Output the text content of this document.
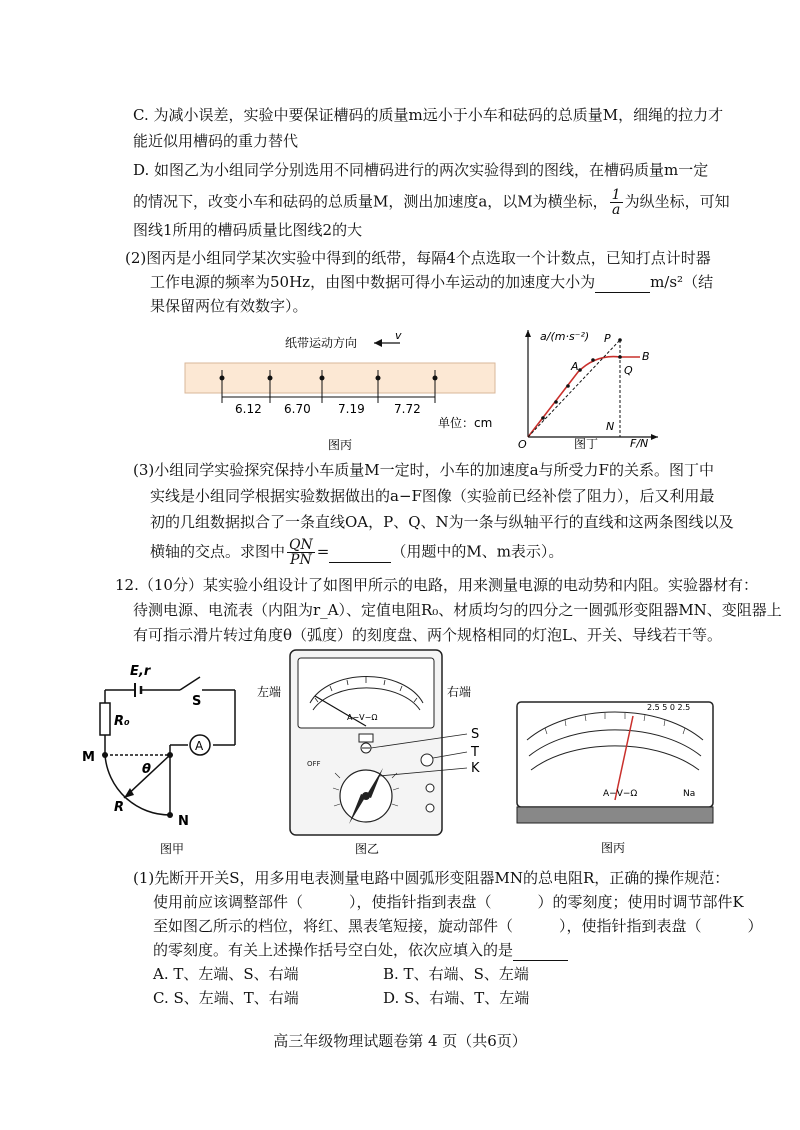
C. 为减小误差，实验中要保证槽码的质量m远小于小车和砝码的总质量M，细绳的拉力才
能近似用槽码的重力替代
D. 如图乙为小组同学分别选用不同槽码进行的两次实验得到的图线，在槽码质量m一定
的情况下，改变小车和砝码的总质量M，测出加速度a，以M为横坐标， $\frac{1}{a}$ 为纵坐标，可知
图线1所用的槽码质量比图线2的大
(2)图丙是小组同学某次实验中得到的纸带，每隔4个点选取一个计数点，已知打点计时器
工作电源的频率为50Hz，由图中数据可得小车运动的加速度大小为	m/s²（结
果保留两位有效数字）。
纸带运动方向
v
6.12 6.70 7.19 7.72
单位：cm
图丙
a/(m·s⁻²)
F/N
O
P
B
A	Q
N
图丁
(3)小组同学实验探究保持小车质量M一定时，小车的加速度a与所受力F的关系。图丁中
实线是小组同学根据实验数据做出的a−F图像（实验前已经补偿了阻力），后又利用最
初的几组数据拟合了一条直线OA，P、Q、N为一条与纵轴平行的直线和这两条图线以及
横轴的交点。求图中 $\frac{QN}{PN}$ =	（用题中的M、m表示）。
12.（10分）某实验小组设计了如图甲所示的电路，用来测量电源的电动势和内阻。实验器材有：
待测电源、电流表（内阻为r_A）、定值电阻R₀、材质均匀的四分之一圆弧形变阻器MN、变阻器上
有可指示滑片转过角度θ（弧度）的刻度盘、两个规格相同的灯泡L、开关、导线若干等。
A
E,r
S
R₀
M
N
θ
R
图甲
A−V−Ω
OFF
S
T
K
左端	右端
图乙
A−V−Ω	Na
2.5 5 0 2.5
图丙
(1)先断开开关S，用多用电表测量电路中圆弧形变阻器MN的总电阻R，正确的操作规范：
使用前应该调整部件（	），使指针指到表盘（	）的零刻度；使用时调节部件K
至如图乙所示的档位，将红、黑表笔短接，旋动部件（	），使指针指到表盘（	）
的零刻度。有关上述操作括号空白处，依次应填入的是
A. T、左端、S、右端	B. T、右端、S、左端
C. S、左端、T、右端	D. S、右端、T、左端
高三年级物理试题卷第 4 页（共6页）
